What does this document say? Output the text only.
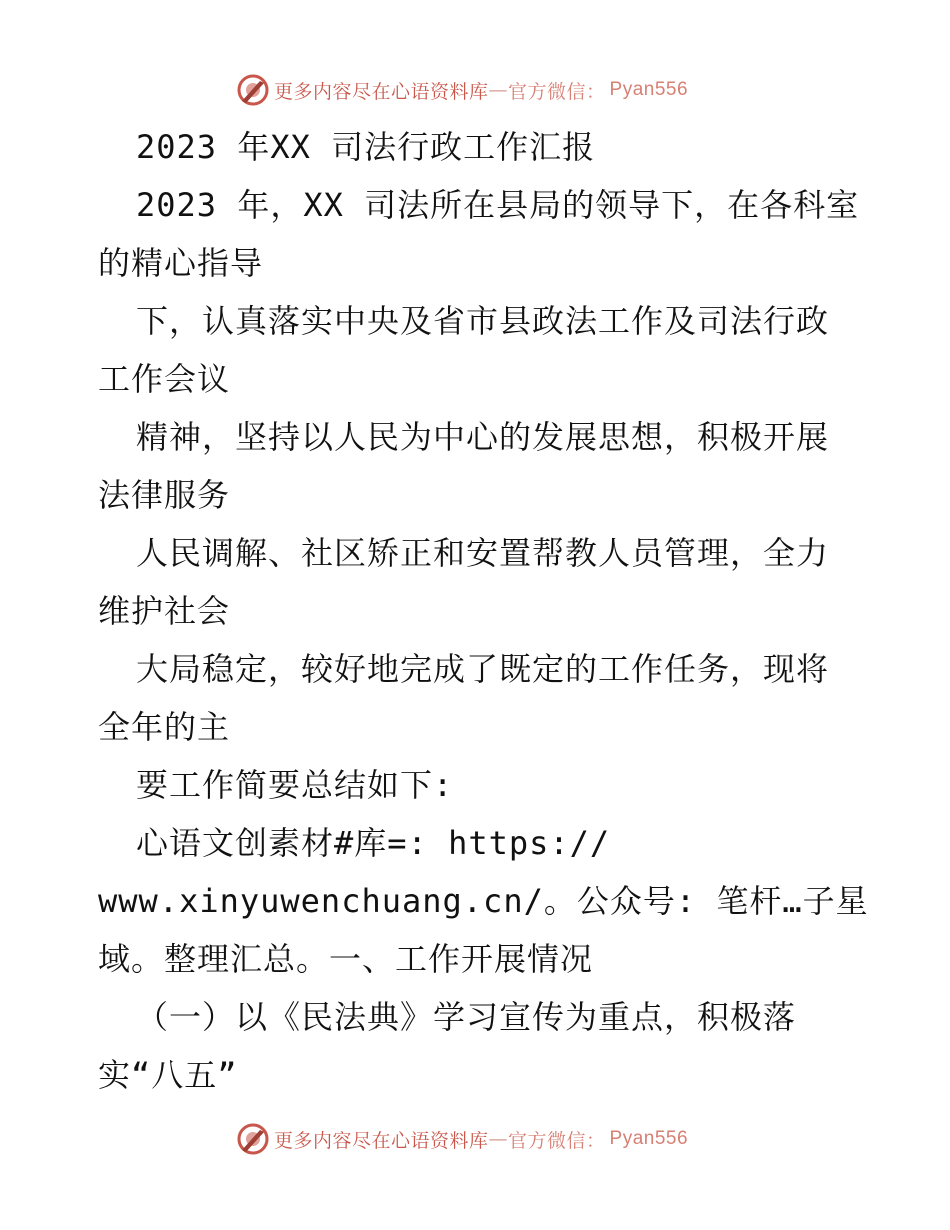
更多内容尽在心语资料库 — 官方微信： Pyan556
2023 年XX 司法行政工作汇报
2023 年，XX 司法所在县局的领导下，在各科室
的精心指导
下，认真落实中央及省市县政法工作及司法行政
工作会议
精神，坚持以人民为中心的发展思想，积极开展
法律服务
人民调解、社区矫正和安置帮教人员管理，全力
维护社会
大局稳定，较好地完成了既定的工作任务，现将
全年的主
要工作简要总结如下:
心语文创素材#库=: https://
www.xinyuwenchuang.cn/。公众号: 笔杆…子星
域。整理汇总。一、工作开展情况
（一）以《民法典》学习宣传为重点，积极落
实“八五”
更多内容尽在心语资料库 — 官方微信： Pyan556
